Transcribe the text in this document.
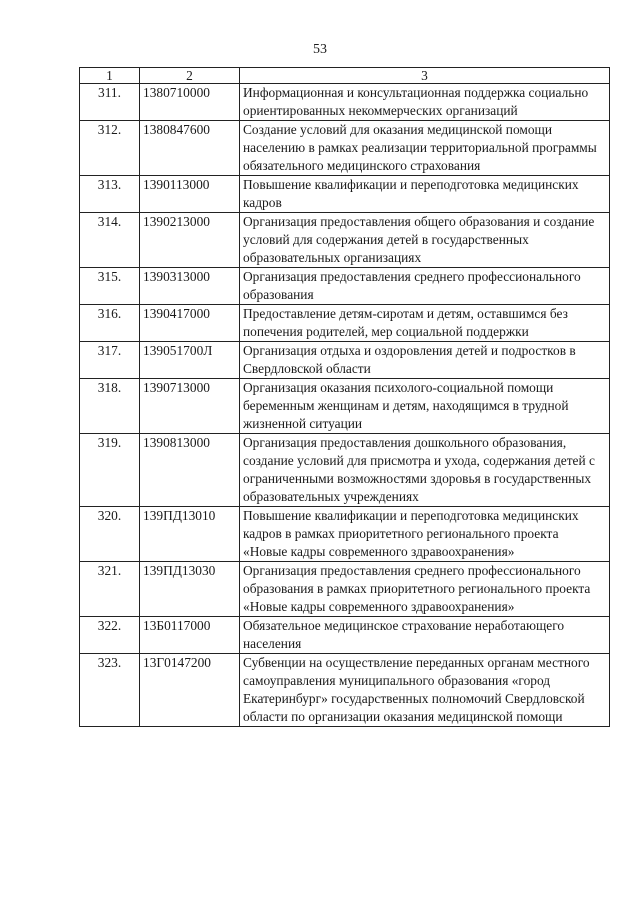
53
1	2	3
311.	1380710000	Информационная и консультационная поддержка социально ориентированных некоммерческих организаций
312.	1380847600	Создание условий для оказания медицинской помощи населению в рамках реализации территориальной программы обязательного медицинского страхования
313.	1390113000	Повышение квалификации и переподготовка медицинских кадров
314.	1390213000	Организация предоставления общего образования и создание условий для содержания детей в государственных образовательных организациях
315.	1390313000	Организация предоставления среднего профессионального образования
316.	1390417000	Предоставление детям-сиротам и детям, оставшимся без попечения родителей, мер социальной поддержки
317.	139051700Л	Организация отдыха и оздоровления детей и подростков в Свердловской области
318.	1390713000	Организация оказания психолого-социальной помощи беременным женщинам и детям, находящимся в трудной жизненной ситуации
319.	1390813000	Организация предоставления дошкольного образования, создание условий для присмотра и ухода, содержания детей с ограниченными возможностями здоровья в государственных образовательных учреждениях
320.	139ПД13010	Повышение квалификации и переподготовка медицинских кадров в рамках приоритетного регионального проекта «Новые кадры современного здравоохранения»
321.	139ПД13030	Организация предоставления среднего профессионального образования в рамках приоритетного регионального проекта «Новые кадры современного здравоохранения»
322.	13Б0117000	Обязательное медицинское страхование неработающего населения
323.	13Г0147200	Субвенции на осуществление переданных органам местного самоуправления муниципального образования «город Екатеринбург» государственных полномочий Свердловской области по организации оказания медицинской помощи
